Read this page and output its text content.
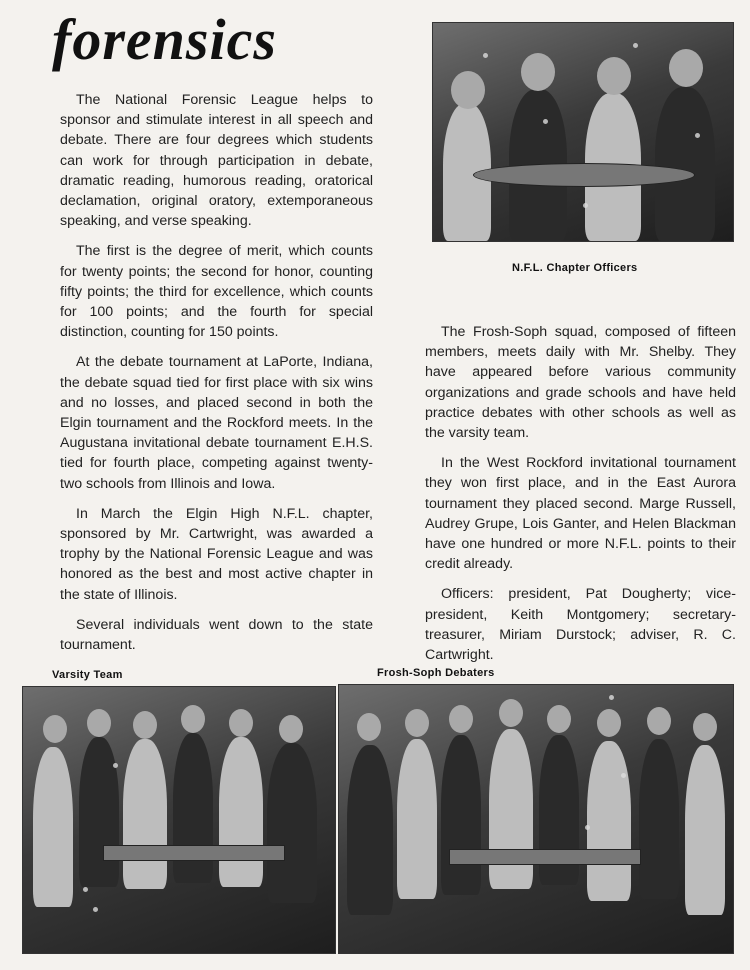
forensics
N.F.L. Chapter Officers

The National Forensic League helps to sponsor and stimulate interest in all speech and debate. There are four degrees which students can work for through participation in debate, dramatic reading, humorous reading, oratorical declamation, original oratory, extemporaneous speaking, and verse speaking.

The first is the degree of merit, which counts for twenty points; the second for honor, counting fifty points; the third for excellence, which counts for 100 points; and the fourth for special distinction, counting for 150 points.

At the debate tournament at LaPorte, Indiana, the debate squad tied for first place with six wins and no losses, and placed second in both the Elgin tournament and the Rockford meets. In the Augustana invitational debate tournament E.H.S. tied for fourth place, competing against twenty-two schools from Illinois and Iowa.

In March the Elgin High N.F.L. chapter, sponsored by Mr. Cartwright, was awarded a trophy by the National Forensic League and was honored as the best and most active chapter in the state of Illinois.

Several individuals went down to the state tournament.

The Frosh-Soph squad, composed of fifteen members, meets daily with Mr. Shelby. They have appeared before various community organizations and grade schools and have held practice debates with other schools as well as the varsity team.

In the West Rockford invitational tournament they won first place, and in the East Aurora tournament they placed second. Marge Russell, Audrey Grupe, Lois Ganter, and Helen Blackman have one hundred or more N.F.L. points to their credit already.

Officers: president, Pat Dougherty; vice-president, Keith Montgomery; secretary-treasurer, Miriam Durstock; adviser, R. C. Cartwright.

Varsity Team	Frosh-Soph Debaters
